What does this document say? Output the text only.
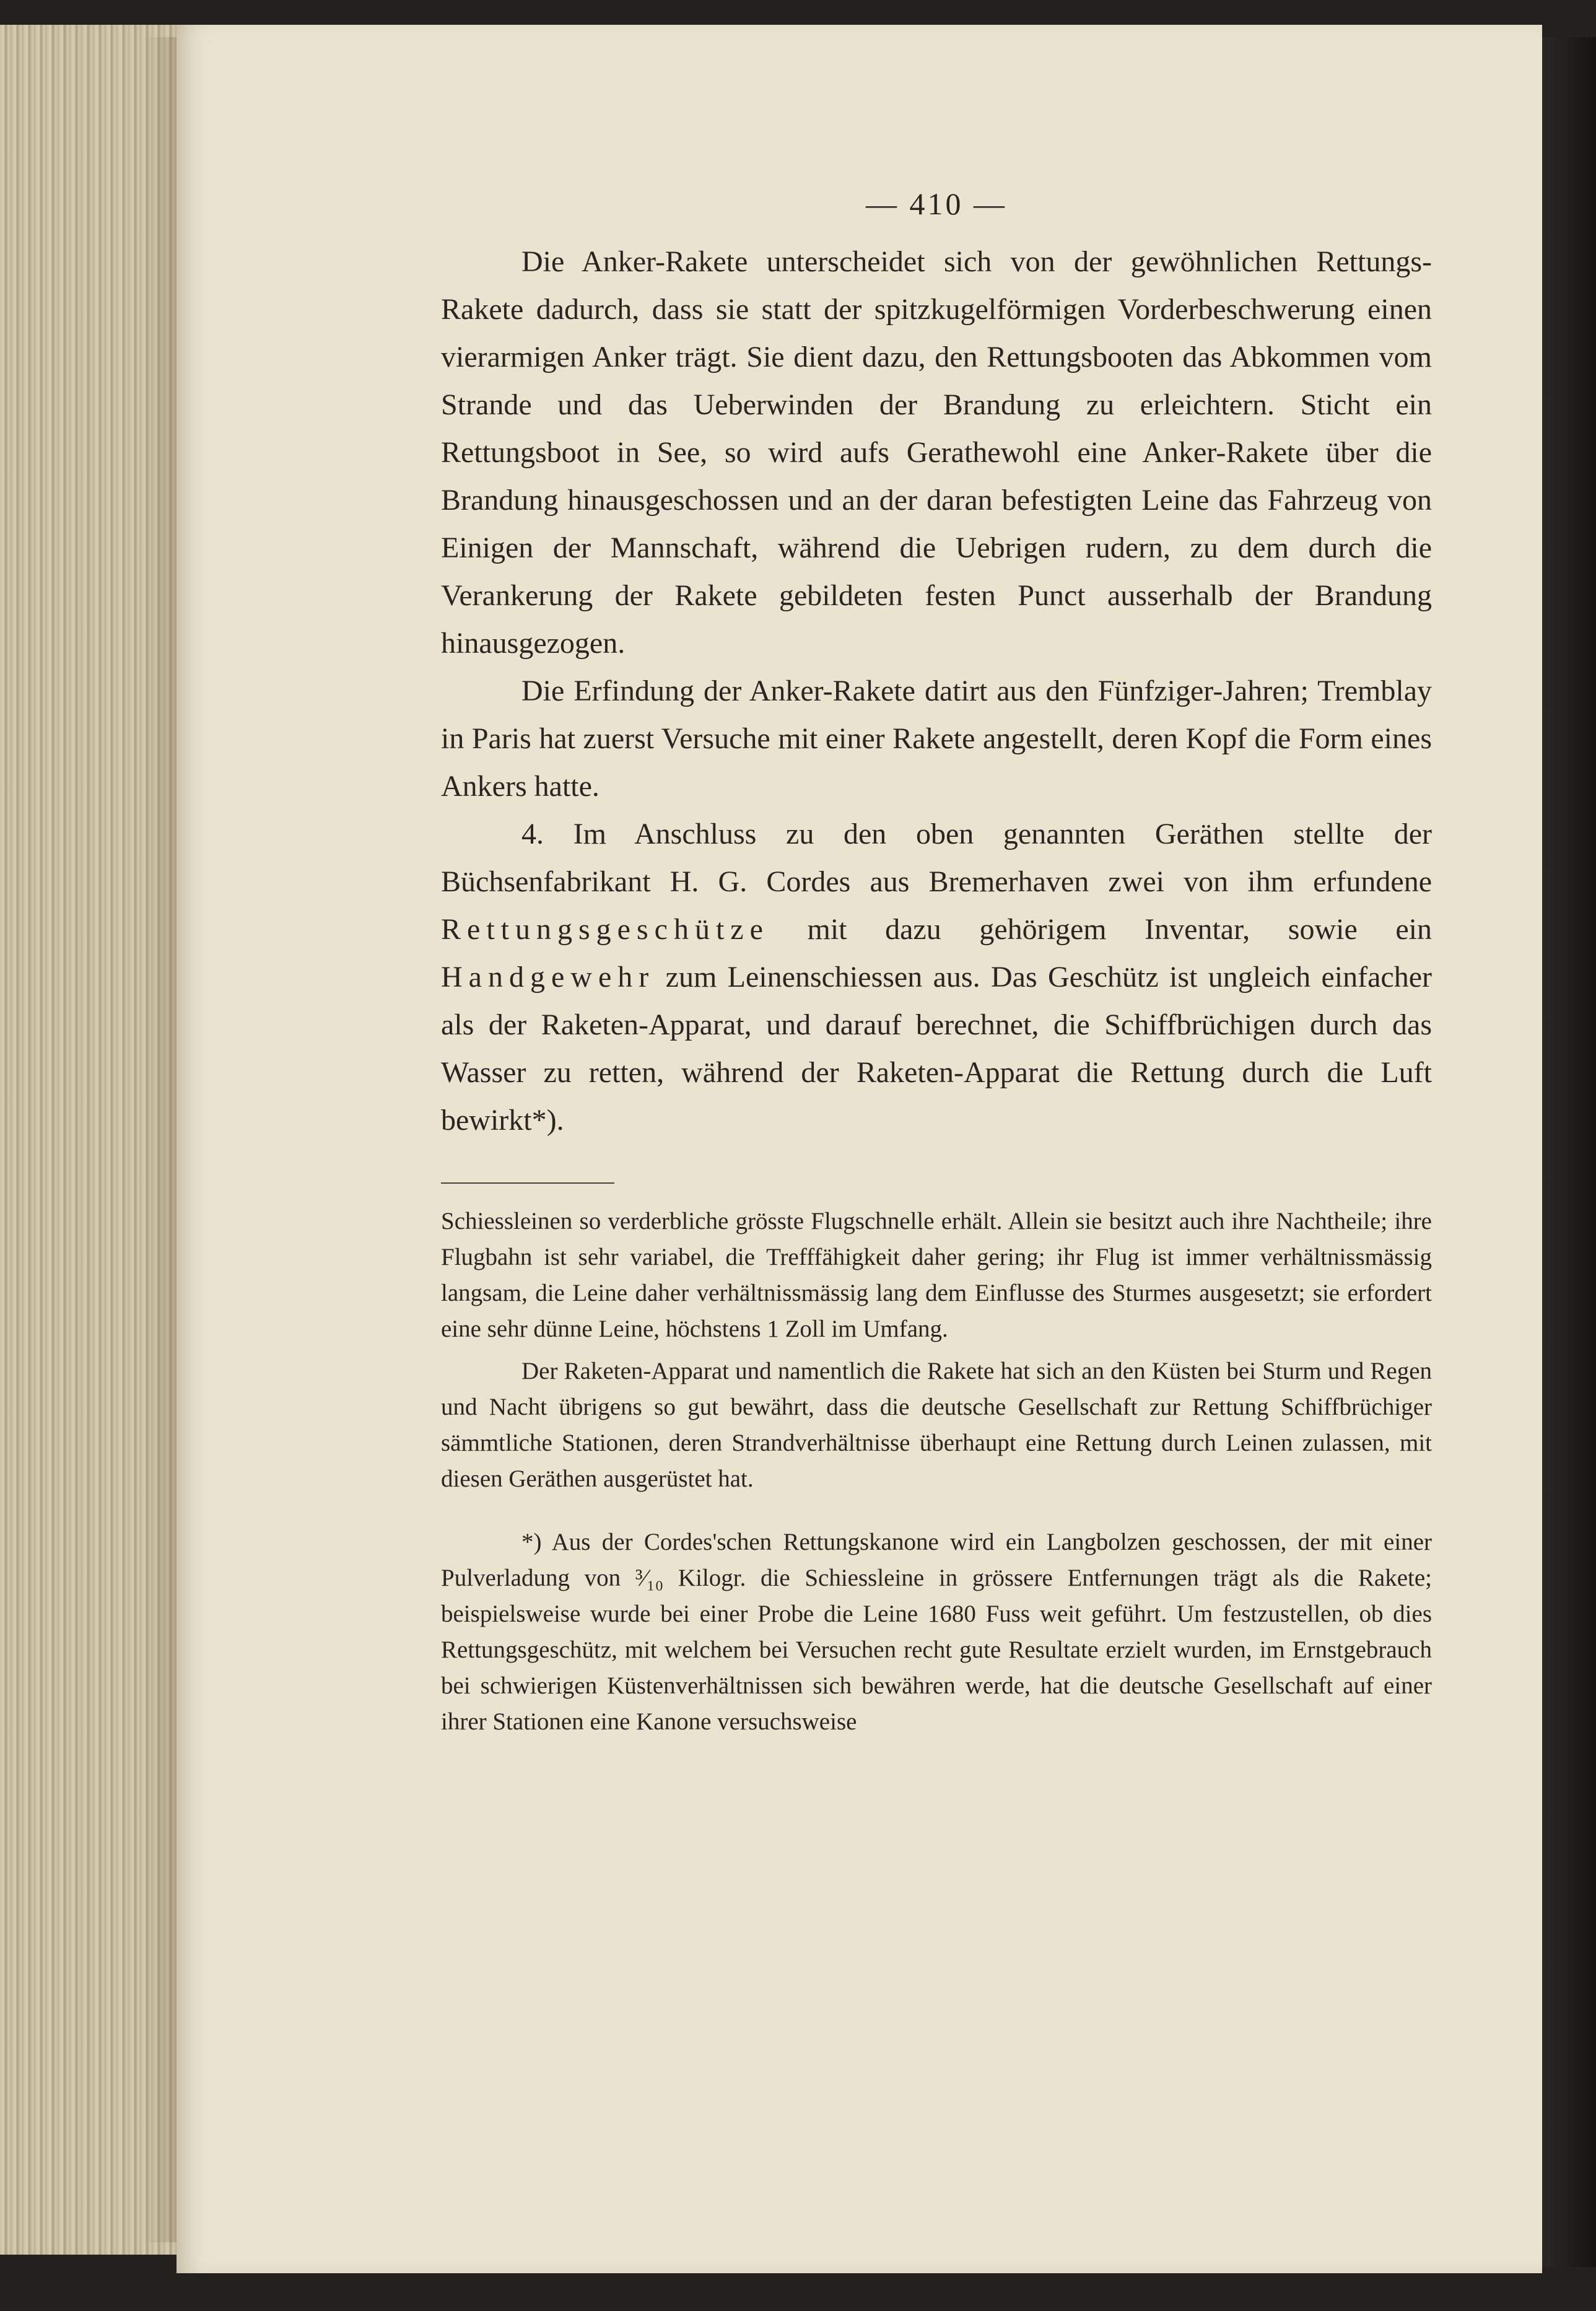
— 410 —

Die Anker-Rakete unterscheidet sich von der gewöhnlichen Rettungs-Rakete dadurch, dass sie statt der spitzkugelförmigen Vorderbeschwerung einen vierarmigen Anker trägt. Sie dient dazu, den Rettungsbooten das Abkommen vom Strande und das Ueberwinden der Brandung zu erleichtern. Sticht ein Rettungsboot in See, so wird aufs Gerathewohl eine Anker-Rakete über die Brandung hinausgeschossen und an der daran befestigten Leine das Fahrzeug von Einigen der Mannschaft, während die Uebrigen rudern, zu dem durch die Verankerung der Rakete gebildeten festen Punct ausserhalb der Brandung hinausgezogen.

Die Erfindung der Anker-Rakete datirt aus den Fünfziger-Jahren; Tremblay in Paris hat zuerst Versuche mit einer Rakete angestellt, deren Kopf die Form eines Ankers hatte.

4. Im Anschluss zu den oben genannten Geräthen stellte der Büchsenfabrikant H. G. Cordes aus Bremerhaven zwei von ihm erfundene Rettungsgeschütze mit dazu gehörigem Inventar, sowie ein Handgewehr zum Leinenschiessen aus. Das Geschütz ist ungleich einfacher als der Raketen-Apparat, und darauf berechnet, die Schiffbrüchigen durch das Wasser zu retten, während der Raketen-Apparat die Rettung durch die Luft bewirkt*).

Schiessleinen so verderbliche grösste Flugschnelle erhält. Allein sie besitzt auch ihre Nachtheile; ihre Flugbahn ist sehr variabel, die Trefffähigkeit daher gering; ihr Flug ist immer verhältnissmässig langsam, die Leine daher verhältnissmässig lang dem Einflusse des Sturmes ausgesetzt; sie erfordert eine sehr dünne Leine, höchstens 1 Zoll im Umfang.

Der Raketen-Apparat und namentlich die Rakete hat sich an den Küsten bei Sturm und Regen und Nacht übrigens so gut bewährt, dass die deutsche Gesellschaft zur Rettung Schiffbrüchiger sämmtliche Stationen, deren Strandverhältnisse überhaupt eine Rettung durch Leinen zulassen, mit diesen Geräthen ausgerüstet hat.

*) Aus der Cordes'schen Rettungskanone wird ein Langbolzen geschossen, der mit einer Pulverladung von ³⁄₁₀ Kilogr. die Schiessleine in grössere Entfernungen trägt als die Rakete; beispielsweise wurde bei einer Probe die Leine 1680 Fuss weit geführt. Um festzustellen, ob dies Rettungsgeschütz, mit welchem bei Versuchen recht gute Resultate erzielt wurden, im Ernstgebrauch bei schwierigen Küstenverhältnissen sich bewähren werde, hat die deutsche Gesellschaft auf einer ihrer Stationen eine Kanone versuchsweise
